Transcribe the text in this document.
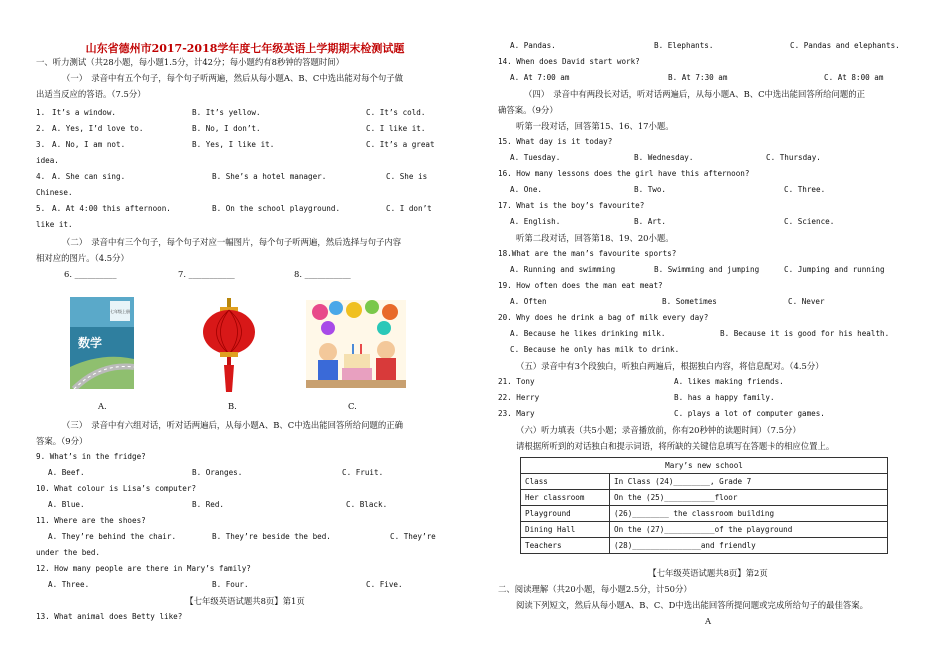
山东省德州市2017-2018学年度七年级英语上学期期末检测试题
一、听力测试（共28小题，每小题1.5分，计42分；每小题约有8秒钟的答题时间）
（一）　录音中有五个句子，每个句子听两遍，然后从每小题A、B、C中选出能对每个句子做
出适当反应的答语。（7.5分）
1. It’s a window.	B. It’s yellow.	C. It’s cold.
2. A. Yes, I’d love to.	B. No, I don’t.	C. I like it.
3. A. No, I am not.	B. Yes, I like it.	C. It’s a great
idea.
4. A. She can sing.	B. She’s a hotel manager.	C. She is
Chinese.
5. A. At 4:00 this afternoon.	B. On the school playground.	C. I don’t
like it.
（二）　录音中有三个句子，每个句子对应一幅图片，每个句子听两遍，然后选择与句子内容
相对应的图片。（4.5分）
6. __________	7. ___________	8. ___________
七年级上册
数学
A.	B.	C.
（三）　录音中有六组对话，听对话两遍后，从每小题A、B、C中选出能回答所给问题的正确
答案。（9分）
9. What’s in the fridge?
A. Beef.	B. Oranges.	C. Fruit.
10. What colour is Lisa’s computer?
A. Blue.	B. Red.	C. Black.
11. Where are the shoes?
A. They’re behind the chair.	B. They’re beside the bed.	C. They’re
under the bed.
12. How many people are there in Mary’s family?
A. Three.	B. Four.	C. Five.
【七年级英语试题共8页】第1页
13. What animal does Betty like?
A. Pandas.	B. Elephants.	C. Pandas and elephants.
14. When does David start work?
A. At 7:00 am	B. At 7:30 am	C. At 8:00 am
（四）　录音中有两段长对话，听对话两遍后，从每小题A、B、C中选出能回答所给问题的正
确答案。（9分）
听第一段对话，回答第15、16、17小题。
15. What day is it today?
A. Tuesday.	B. Wednesday.	C. Thursday.
16. How many lessons does the girl have this afternoon?
A. One.	B. Two.	C. Three.
17. What is the boy’s favourite?
A. English.	B. Art.	C. Science.
听第二段对话，回答第18、19、20小题。
18.What are the man’s favourite sports?
A. Running and swimming	B. Swimming and jumping	C. Jumping and running
19. How often does the man eat meat?
A. Often	B. Sometimes	C. Never
20. Why does he drink a bag of milk every day?
A. Because he likes drinking milk.	B. Because it is good for his health.
C. Because he only has milk to drink.
（五）录音中有3个段独白，听独白两遍后，根据独白内容，将信息配对。（4.5分）
21. Tony	A. likes making friends.
22. Herry	B. has a happy family.
23. Mary	C. plays a lot of computer games.
（六）听力填表（共5小题；录音播放前，你有20秒钟的读题时间）（7.5分）
请根据所听到的对话独白和提示词语，将所缺的关键信息填写在答题卡的相应位置上。
Mary’s new school	
Class	In Class (24)________, Grade 7
Her classroom	On the (25)___________floor
Playground	(26)________ the classroom building
Dining Hall	On the (27)___________of the playground
Teachers	(28)_______________and friendly
【七年级英语试题共8页】第2页
二、阅读理解（共20小题，每小题2.5分，计50分）
阅读下列短文，然后从每小题A、B、C、D中选出能回答所提问题或完成所给句子的最佳答案。
A
